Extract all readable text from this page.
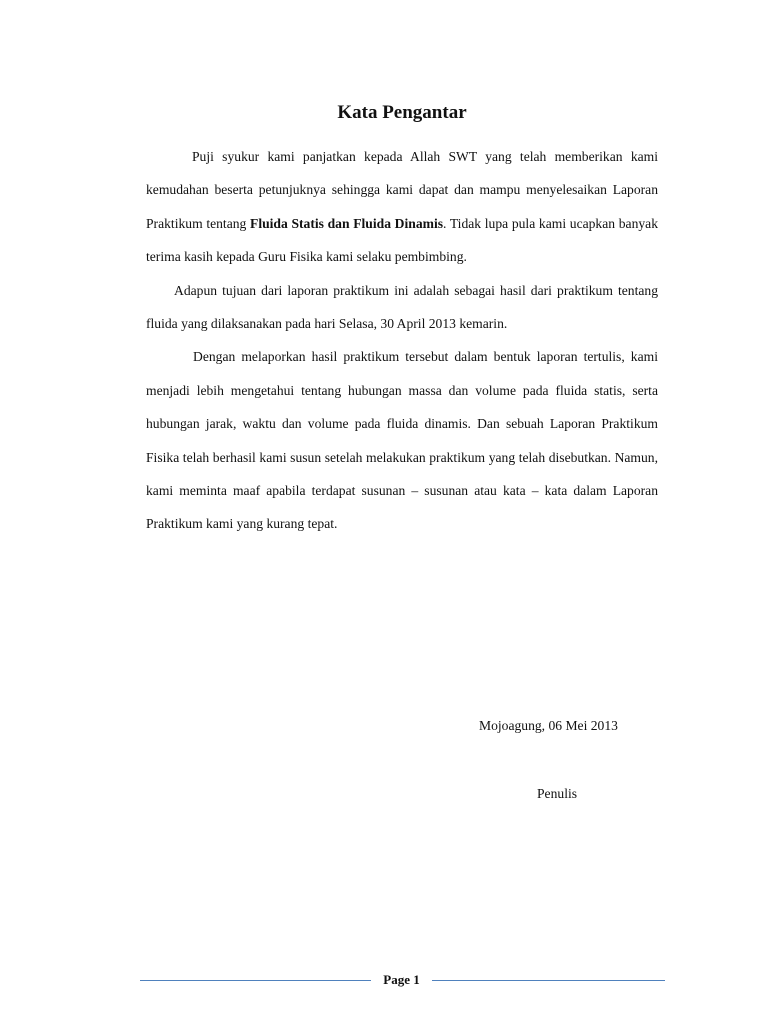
Kata Pengantar

Puji syukur kami panjatkan kepada Allah SWT yang telah memberikan kami kemudahan beserta petunjuknya sehingga kami dapat dan mampu menyelesaikan Laporan Praktikum tentang Fluida Statis dan Fluida Dinamis. Tidak lupa pula kami ucapkan banyak terima kasih kepada Guru Fisika kami selaku pembimbing.

Adapun tujuan dari laporan praktikum ini adalah sebagai hasil dari praktikum tentang fluida yang dilaksanakan pada hari Selasa, 30 April 2013 kemarin.

Dengan melaporkan hasil praktikum tersebut dalam bentuk laporan tertulis, kami menjadi lebih mengetahui tentang hubungan massa dan volume pada fluida statis, serta hubungan jarak, waktu dan volume pada fluida dinamis. Dan sebuah Laporan Praktikum Fisika telah berhasil kami susun setelah melakukan praktikum yang telah disebutkan. Namun, kami meminta maaf apabila terdapat susunan – susunan atau kata – kata dalam Laporan Praktikum kami yang kurang tepat.

Mojoagung, 06 Mei 2013
Penulis
Page 1
